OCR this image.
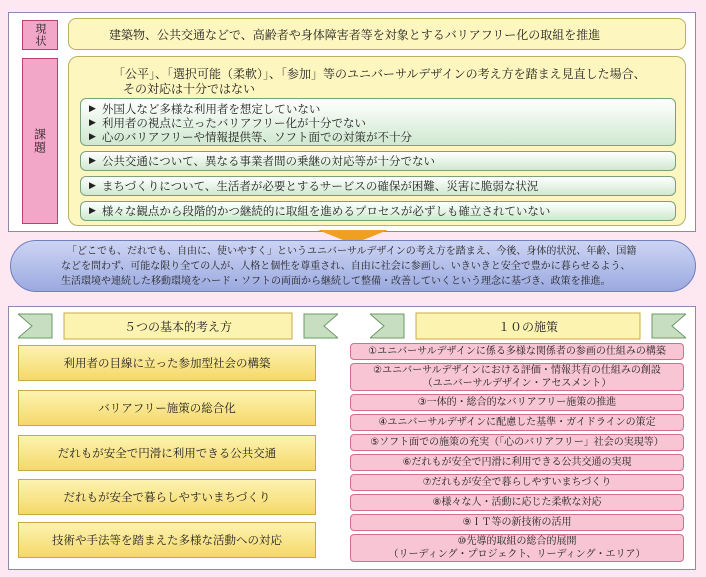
現状	建築物、公共交通などで、高齢者や身体障害者等を対象とするバリアフリー化の取組を推進
課題
「公平」、「選択可能（柔軟）」、「参加」等のユニバーサルデザインの考え方を踏まえ見直した場合、
その対応は十分ではない
▶ 外国人など多様な利用者を想定していない
▶ 利用者の視点に立ったバリアフリー化が十分でない
▶ 心のバリアフリーや情報提供等、ソフト面での対策が不十分
▶ 公共交通について、異なる事業者間の乗継の対応等が十分でない
▶ まちづくりについて、生活者が必要とするサービスの確保が困難、災害に脆弱な状況
▶ 様々な観点から段階的かつ継続的に取組を進めるプロセスが必ずしも確立されていない
「どこでも、だれでも、自由に、使いやすく」というユニバーサルデザインの考え方を踏まえ、今後、身体的状況、年齢、国籍
などを問わず、可能な限り全ての人が、人格と個性を尊重され、自由に社会に参画し、いきいきと安全で豊かに暮らせるよう、
生活環境や連続した移動環境をハード・ソフトの両面から継続して整備・改善していくという理念に基づき、政策を推進。
５つの基本的考え方	１０の施策
利用者の目線に立った参加型社会の構築
バリアフリー施策の総合化
だれもが安全で円滑に利用できる公共交通
だれもが安全で暮らしやすいまちづくり
技術や手法等を踏まえた多様な活動への対応
①ユニバーサルデザインに係る多様な関係者の参画の仕組みの構築
②ユニバーサルデザインにおける評価・情報共有の仕組みの創設
（ユニバーサルデザイン・アセスメント）
③一体的・総合的なバリアフリー施策の推進
④ユニバーサルデザインに配慮した基準・ガイドラインの策定
⑤ソフト面での施策の充実（「心のバリアフリー」社会の実現等）
⑥だれもが安全で円滑に利用できる公共交通の実現
⑦だれもが安全で暮らしやすいまちづくり
⑧様々な人・活動に応じた柔軟な対応
⑨ＩＴ等の新技術の活用
⑩先導的取組の総合的展開
（リーディング・プロジェクト、リーディング・エリア）
